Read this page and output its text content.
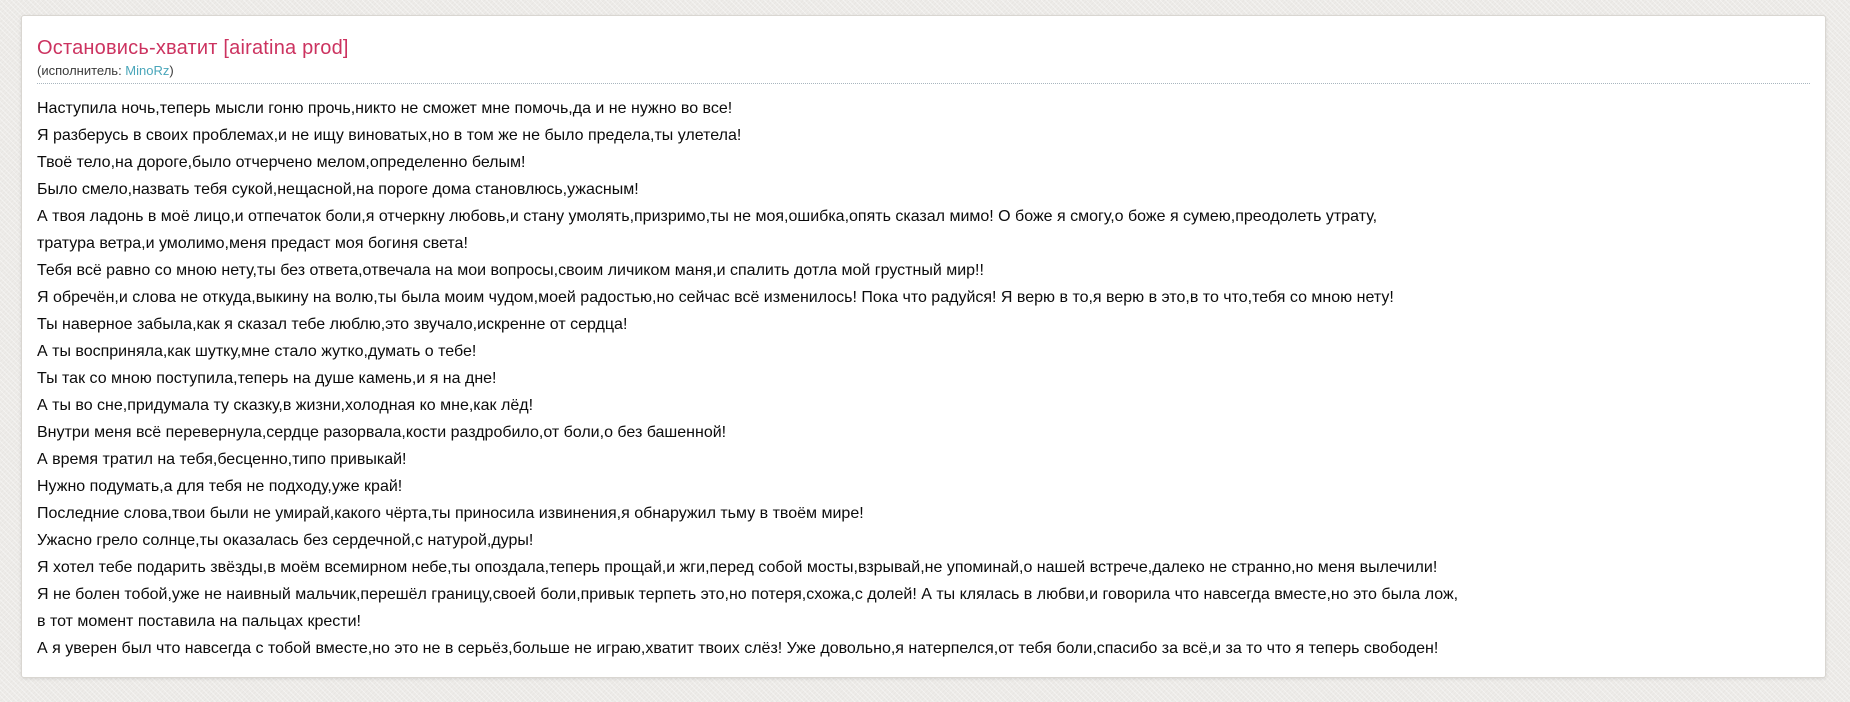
Остановись-хватит [airatina prod]
(исполнитель: MinoRz)
Наступила ночь,теперь мысли гоню прочь,никто не сможет мне помочь,да и не нужно во все!
Я разберусь в своих проблемах,и не ищу виноватых,но в том же не было предела,ты улетела!
Твоё тело,на дороге,было отчерчено мелом,определенно белым!
Было смело,назвать тебя сукой,нещасной,на пороге дома становлюсь,ужасным!
А твоя ладонь в моё лицо,и отпечаток боли,я отчеркну любовь,и стану умолять,призримо,ты не моя,ошибка,опять сказал мимо! О боже я смогу,о боже я сумею,преодолеть утрату,
тратура ветра,и умолимо,меня предаст моя богиня света!
Тебя всё равно со мною нету,ты без ответа,отвечала на мои вопросы,своим личиком маня,и спалить дотла мой грустный мир!!
Я обречён,и слова не откуда,выкину на волю,ты была моим чудом,моей радостью,но сейчас всё изменилось! Пока что радуйся! Я верю в то,я верю в это,в то что,тебя со мною нету!
Ты наверное забыла,как я сказал тебе люблю,это звучало,искренне от сердца!
А ты восприняла,как шутку,мне стало жутко,думать о тебе!
Ты так со мною поступила,теперь на душе камень,и я на дне!
А ты во сне,придумала ту сказку,в жизни,холодная ко мне,как лёд!
Внутри меня всё перевернула,сердце разорвала,кости раздробило,от боли,о без башенной!
А время тратил на тебя,бесценно,типо привыкай!
Нужно подумать,а для тебя не подходу,уже край!
Последние слова,твои были не умирай,какого чёрта,ты приносила извинения,я обнаружил тьму в твоём мире!
Ужасно грело солнце,ты оказалась без сердечной,с натурой,дуры!
Я хотел тебе подарить звёзды,в моём всемирном небе,ты опоздала,теперь прощай,и жги,перед собой мосты,взрывай,не упоминай,о нашей встрече,далеко не странно,но меня вылечили!
Я не болен тобой,уже не наивный мальчик,перешёл границу,своей боли,привык терпеть это,но потеря,схожа,с долей! А ты клялась в любви,и говорила что навсегда вместе,но это была лож,
в тот момент поставила на пальцах крести!
А я уверен был что навсегда с тобой вместе,но это не в серьёз,больше не играю,хватит твоих слёз! Уже довольно,я натерпелся,от тебя боли,спасибо за всё,и за то что я теперь свободен!
